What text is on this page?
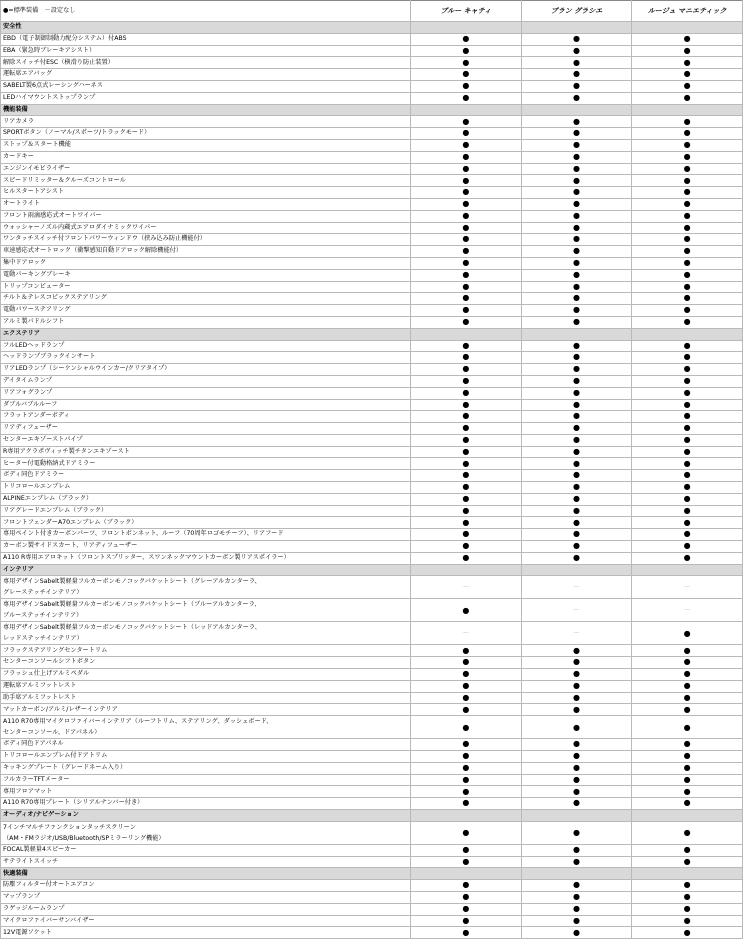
●=標準装備　－設定なし	ブルー キャティ	ブラン グラシエ	ルージュ マニエティック
安全性			

EBD（電子制御制動力配分システム）付ABS	●	●	●

EBA（緊急時ブレーキアシスト）	●	●	●

解除スイッチ付ESC（横滑り防止装置）	●	●	●

運転席エアバッグ	●	●	●

SABELT製6点式レーシングハーネス	●	●	●

LEDハイマウントストップランプ	●	●	●
機能装備			

リアカメラ	●	●	●

SPORTボタン（ノーマル/スポーツ/トラックモード）	●	●	●

ストップ＆スタート機能	●	●	●

カードキー	●	●	●

エンジンイモビライザー	●	●	●

スピードリミッター＆クルーズコントロール	●	●	●

ヒルスタートアシスト	●	●	●

オートライト	●	●	●

フロント雨滴感応式オートワイパー	●	●	●

ウォッシャーノズル内蔵式エアロダイナミックワイパー	●	●	●

ワンタッチスイッチ付フロントパワーウィンドウ（挟み込み防止機能付）	●	●	●

車速感応式オートロック（衝撃感知自動ドアロック解除機能付）	●	●	●

集中ドアロック	●	●	●

電動パーキングブレーキ	●	●	●

トリップコンピューター	●	●	●

チルト＆テレスコピックステアリング	●	●	●

電動パワーステアリング	●	●	●

アルミ製パドルシフト	●	●	●
エクステリア			

フルLEDヘッドランプ	●	●	●

ヘッドランプブラックインサート	●	●	●

リアLEDランプ（シーケンシャルウインカー/クリアタイプ）	●	●	●

デイタイムランプ	●	●	●

リアフォグランプ	●	●	●

ダブルバブルルーフ	●	●	●

フラットアンダーボディ	●	●	●

リアディフューザー	●	●	●

センターエキゾーストパイプ	●	●	●

R専用アクラポヴィッチ製チタンエキゾースト	●	●	●

ヒーター付電動格納式ドアミラー	●	●	●

ボディ同色ドアミラー	●	●	●

トリコロールエンブレム	●	●	●

ALPINEエンブレム（ブラック）	●	●	●

リアグレードエンブレム（ブラック）	●	●	●

フロントフェンダーA70エンブレム（ブラック）	●	●	●

専用ペイント付きカーボンパーツ、フロントボンネット、ルーフ（70周年ロゴモチーフ）、リアフード	●	●	●

カーボン製サイドスカート、リアディフューザー	●	●	●

A110 R専用エアロキット（フロントスプリッター、スワンネックマウントカーボン製リアスポイラー）	●	●	●
インテリア			

専用デザインSabelt製軽量フルカーボンモノコックバケットシート（グレーアルカンターラ、
グレーステッチインテリア）	－	－	－

専用デザインSabelt製軽量フルカーボンモノコックバケットシート（ブルーアルカンターラ、
ブルーステッチインテリア）	●	－	－

専用デザインSabelt製軽量フルカーボンモノコックバケットシート（レッドアルカンターラ、
レッドステッチインテリア）	－	－	●

フラックステアリングセンタートリム	●	●	●

センターコンソールシフトボタン	●	●	●

フラッシュ仕上げアルミペダル	●	●	●

運転席アルミフットレスト	●	●	●

助手席アルミフットレスト	●	●	●

マットカーボン/アルミ/レザーインテリア	●	●	●

A110 R70専用マイクロファイバーインテリア（ルーフトリム、ステアリング、ダッシュボード、
センターコンソール、ドアパネル）	●	●	●

ボディ同色ドアパネル	●	●	●

トリコロールエンブレム付ドアトリム	●	●	●

キッキングプレート（グレードネーム入り）	●	●	●

フルカラーTFTメーター	●	●	●

専用フロアマット	●	●	●

A110 R70専用プレート（シリアルナンバー付き）	●	●	●
オーディオ/ナビゲーション			

7インチマルチファンクションタッチスクリーン
（AM・FMラジオ/USB/Bluetooth/SPミラーリング機能）	●	●	●

FOCAL製軽量4スピーカー	●	●	●

サテライトスイッチ	●	●	●
快適装備			

防塵フィルター付オートエアコン	●	●	●

マップランプ	●	●	●

ラゲッジルームランプ	●	●	●

マイクロファイバーサンバイザー	●	●	●

12V電源ソケット	●	●	●
